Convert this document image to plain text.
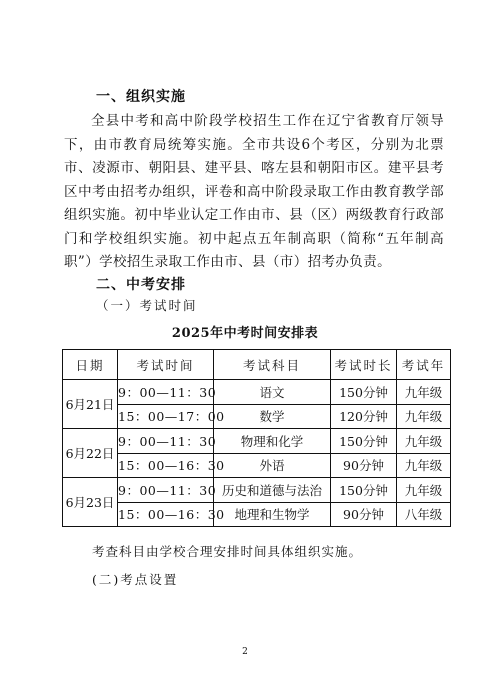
一、组织实施

全县中考和高中阶段学校招生工作在辽宁省教育厅领导下，由市教育局统筹实施。全市共设6个考区，分别为北票市、凌源市、朝阳县、建平县、喀左县和朝阳市区。建平县考区中考由招考办组织，评卷和高中阶段录取工作由教育教学部组织实施。初中毕业认定工作由市、县（区）两级教育行政部门和学校组织实施。初中起点五年制高职（简称“五年制高职”）学校招生录取工作由市、县（市）招考办负责。

二、中考安排
（一）考试时间
2025年中考时间安排表
日期	考试时间	考试科目	考试时长	考试年
6月21日	9：00—11：30	语文	150分钟	九年级
	15：00—17：00	数学	120分钟	九年级
6月22日	9：00—11：30	物理和化学	150分钟	九年级
	15：00—16：30	外语	90分钟	九年级
6月23日	9：00—11：30	历史和道德与法治	150分钟	九年级
	15：00—16：30	地理和生物学	90分钟	八年级
考查科目由学校合理安排时间具体组织实施。
(二)考点设置
2
